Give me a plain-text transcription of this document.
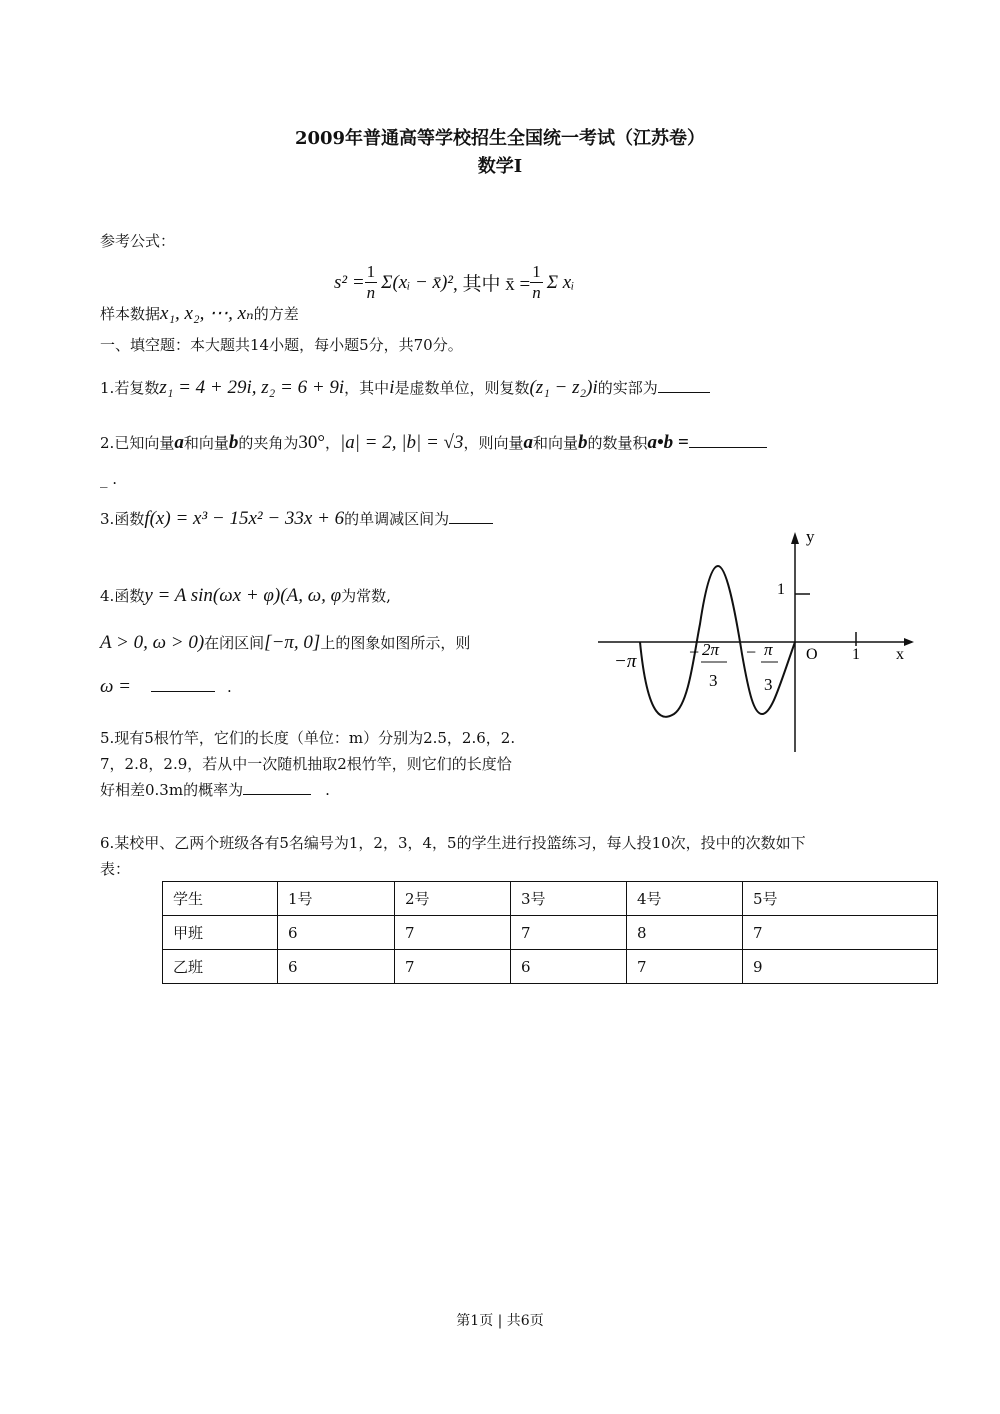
2009年普通高等学校招生全国统一考试（江苏卷）
数学I
参考公式：
$s^2 = \frac{1}{n}$ Σ(xᵢ − x̄)² , 其中 x̄ = $\frac{1}{n}$ Σ xᵢ
样本数据x₁, x₂, ⋯, xₙ的方差
一、填空题：本大题共14小题，每小题5分，共70分。
1.若复数z₁ = 4 + 29i, z₂ = 6 + 9i，其中i是虚数单位，则复数(z₁ − z₂)i的实部为
2.已知向量a和向量b的夹角为30°，|a| = 2, |b| = √3，则向量a和向量b的数量积a•b =
_ .
3.函数f(x) = x³ − 15x² − 33x + 6的单调减区间为
4.函数y = A sin(ωx + φ)(A, ω, φ为常数,
A > 0, ω > 0)在闭区间[−π, 0]上的图象如图所示，则
ω =	.
y
x
O
1
1
−π	− 2π
3
− π
3
5.现有5根竹竿，它们的长度（单位：m）分别为2.5，2.6，2.
7，2.8，2.9，若从中一次随机抽取2根竹竿，则它们的长度恰
好相差0.3m的概率为	.
6.某校甲、乙两个班级各有5名编号为1，2，3，4，5的学生进行投篮练习，每人投10次，投中的次数如下
表：
学生	1号	2号	3号	4号	5号
甲班	6	7	7	8	7
乙班	6	7	6	7	9
第1页 | 共6页
